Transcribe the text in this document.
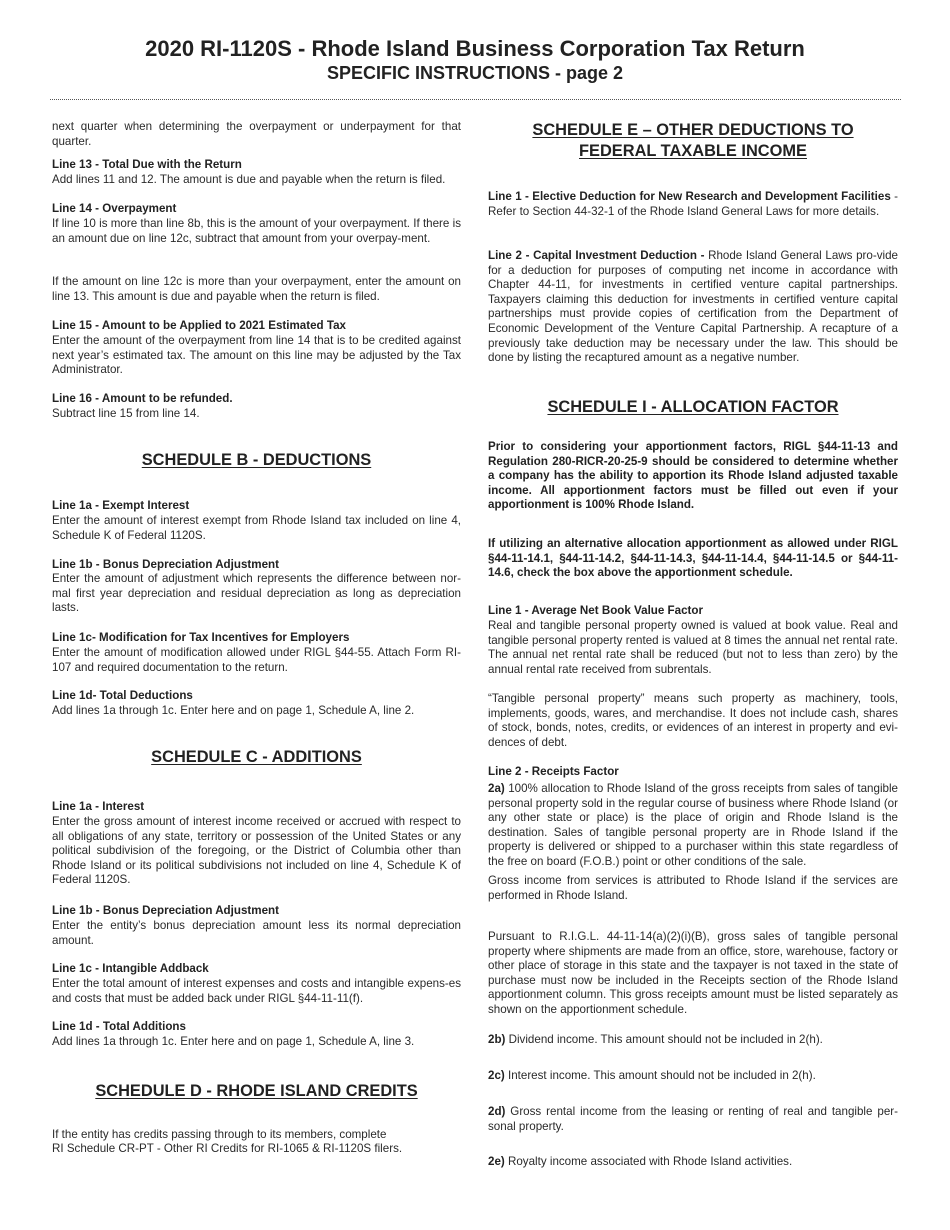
2020 RI-1120S - Rhode Island Business Corporation Tax Return
SPECIFIC INSTRUCTIONS - page 2

next quarter when determining the overpayment or underpayment for that quarter.

Line 13 - Total Due with the Return

Add lines 11 and 12. The amount is due and payable when the return is filed.

Line 14 - Overpayment

If line 10 is more than line 8b, this is the amount of your overpayment. If there is an amount due on line 12c, subtract that amount from your overpay-ment.

If the amount on line 12c is more than your overpayment, enter the amount on line 13. This amount is due and payable when the return is filed.

Line 15 - Amount to be Applied to 2021 Estimated Tax

Enter the amount of the overpayment from line 14 that is to be credited against next year’s estimated tax. The amount on this line may be adjusted by the Tax Administrator.

Line 16 - Amount to be refunded.

Subtract line 15 from line 14.

SCHEDULE B - DEDUCTIONS

Line 1a - Exempt Interest

Enter the amount of interest exempt from Rhode Island tax included on line 4, Schedule K of Federal 1120S.

Line 1b - Bonus Depreciation Adjustment

Enter the amount of adjustment which represents the difference between nor-mal first year depreciation and residual depreciation as long as depreciation lasts.

Line 1c- Modification for Tax Incentives for Employers

Enter the amount of modification allowed under RIGL §44-55. Attach Form RI-107 and required documentation to the return.

Line 1d- Total Deductions

Add lines 1a through 1c. Enter here and on page 1, Schedule A, line 2.

SCHEDULE C - ADDITIONS

Line 1a - Interest

Enter the gross amount of interest income received or accrued with respect to all obligations of any state, territory or possession of the United States or any political subdivision of the foregoing, or the District of Columbia other than Rhode Island or its political subdivisions not included on line 4, Schedule K of Federal 1120S.

Line 1b - Bonus Depreciation Adjustment

Enter the entity’s bonus depreciation amount less its normal depreciation amount.

Line 1c - Intangible Addback

Enter the total amount of interest expenses and costs and intangible expens-es and costs that must be added back under RIGL §44-11-11(f).

Line 1d - Total Additions

Add lines 1a through 1c. Enter here and on page 1, Schedule A, line 3.

SCHEDULE D - RHODE ISLAND CREDITS

If the entity has credits passing through to its members, complete

RI Schedule CR-PT - Other RI Credits for RI-1065 & RI-1120S filers.

SCHEDULE E – OTHER DEDUCTIONS TO

FEDERAL TAXABLE INCOME

Line 1 - Elective Deduction for New Research and Development Facilities - Refer to Section 44-32-1 of the Rhode Island General Laws for more details.

Line 2 - Capital Investment Deduction - Rhode Island General Laws pro-vide for a deduction for purposes of computing net income in accordance with Chapter 44-11, for investments in certified venture capital partnerships. Taxpayers claiming this deduction for investments in certified venture capital partnerships must provide copies of certification from the Department of Economic Development of the Venture Capital Partnership. A recapture of a previously take deduction may be necessary under the law. This should be done by listing the recaptured amount as a negative number.

SCHEDULE I - ALLOCATION FACTOR

Prior to considering your apportionment factors, RIGL §44-11-13 and Regulation 280-RICR-20-25-9 should be considered to determine whether a company has the ability to apportion its Rhode Island adjusted taxable income. All apportionment factors must be filled out even if your apportionment is 100% Rhode Island.

If utilizing an alternative allocation apportionment as allowed under RIGL §44-11-14.1, §44-11-14.2, §44-11-14.3, §44-11-14.4, §44-11-14.5 or §44-11-14.6, check the box above the apportionment schedule.

Line 1 - Average Net Book Value Factor

Real and tangible personal property owned is valued at book value. Real and tangible personal property rented is valued at 8 times the annual net rental rate. The annual net rental rate shall be reduced (but not to less than zero) by the annual rental rate received from subrentals.

“Tangible personal property” means such property as machinery, tools, implements, goods, wares, and merchandise. It does not include cash, shares of stock, bonds, notes, credits, or evidences of an interest in property and evi-dences of debt.

Line 2 - Receipts Factor

2a) 100% allocation to Rhode Island of the gross receipts from sales of tangible personal property sold in the regular course of business where Rhode Island (or any other state or place) is the place of origin and Rhode Island is the destination. Sales of tangible personal property are in Rhode Island if the property is delivered or shipped to a purchaser within this state regardless of the free on board (F.O.B.) point or other conditions of the sale.

Gross income from services is attributed to Rhode Island if the services are performed in Rhode Island.

Pursuant to R.I.G.L. 44-11-14(a)(2)(i)(B), gross sales of tangible personal property where shipments are made from an office, store, warehouse, factory or other place of storage in this state and the taxpayer is not taxed in the state of purchase must now be included in the Receipts section of the Rhode Island apportionment column. This gross receipts amount must be listed separately as shown on the apportionment schedule.

2b) Dividend income. This amount should not be included in 2(h).

2c) Interest income. This amount should not be included in 2(h).

2d) Gross rental income from the leasing or renting of real and tangible per-sonal property.

2e) Royalty income associated with Rhode Island activities.
